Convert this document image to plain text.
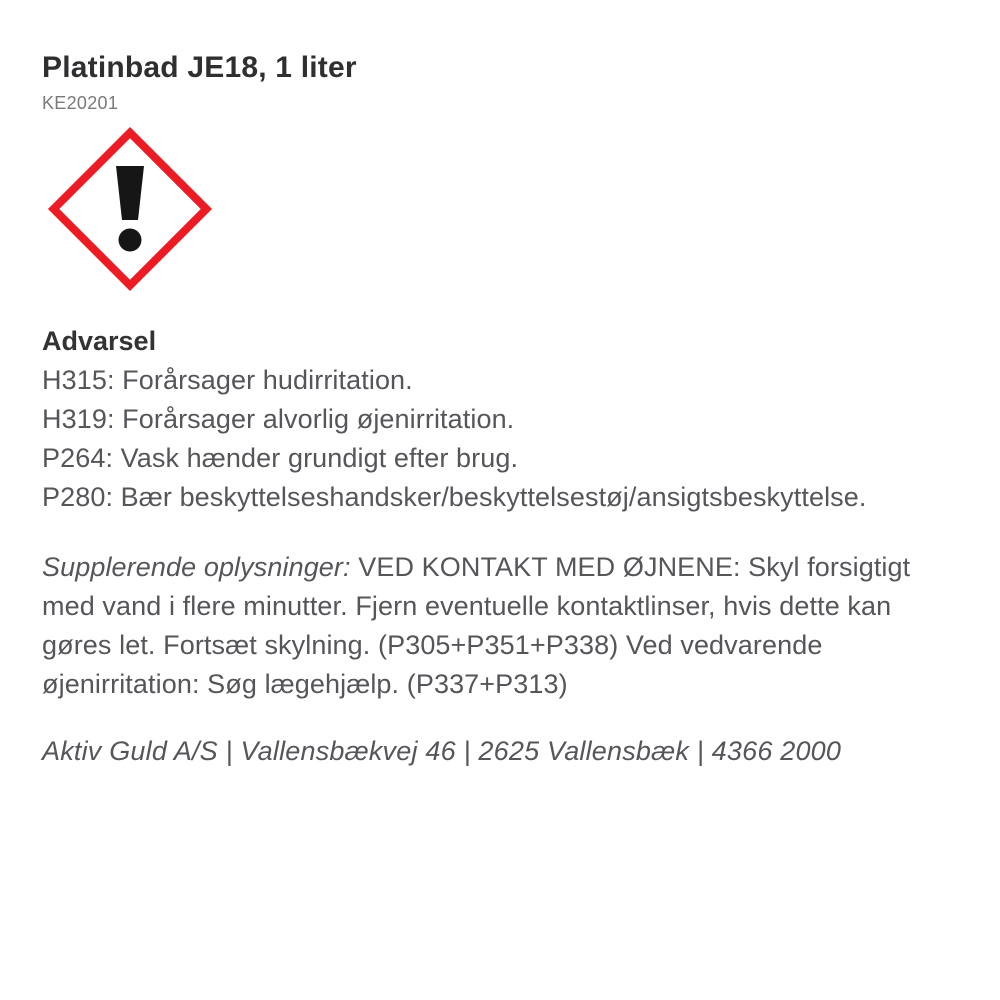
Platinbad JE18, 1 liter
KE20201
Advarsel
H315: Forårsager hudirritation.
H319: Forårsager alvorlig øjenirritation.
P264: Vask hænder grundigt efter brug.
P280: Bær beskyttelseshandsker/beskyttelsestøj/ansigtsbeskyttelse.

Supplerende oplysninger: VED KONTAKT MED ØJNENE: Skyl forsigtigt med vand i flere minutter. Fjern eventuelle kontaktlinser, hvis dette kan gøres let. Fortsæt skylning. (P305+P351+P338) Ved vedvarende øjenirritation: Søg lægehjælp. (P337+P313)

Aktiv Guld A/S | Vallensbækvej 46 | 2625 Vallensbæk | 4366 2000
